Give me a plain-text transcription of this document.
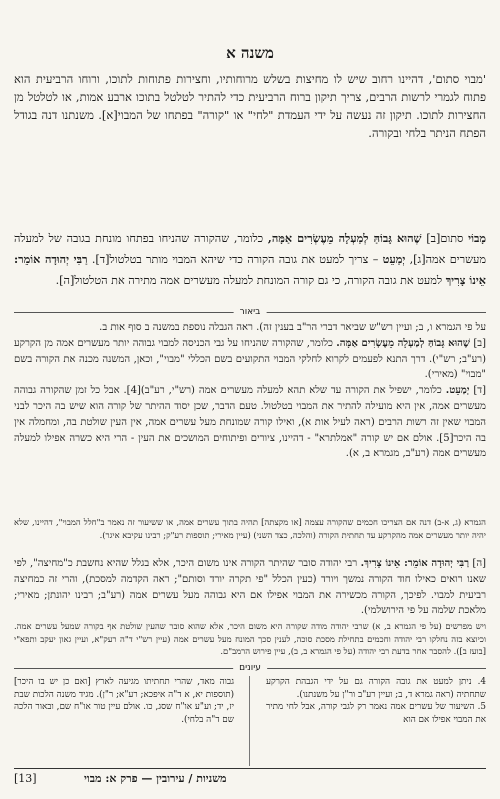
משנה א

'מבוי סתום', דהיינו רחוב שיש לו מחיצות בשלש מרוחותיו, וחצירות פתוחות לתוכו, ורוחו הרביעית הוא פתוח לגמרי לרשות הרבים, צריך תיקון ברוח הרביעית כדי להתיר לטלטל בתוכו ארבע אמות, או לטלטל מן החצירות לתוכו. תיקון זה נעשה על ידי העמדת "לחי" או "קורה" בפתחו של המבוי[א]. משנתנו דנה בגודל הפתח הניתר בלחי ובקורה.

מָבוֹי סתום[ב] שֶׁהוּא גָּבוֹהַּ לְמַעְלָה מֵעֶשְׂרִים אַמָּה, כלומר, שהקורה שהניחו בפתחו מונחת בגובה של למעלה מעשרים אמה[ג], יְמַעֵט – צריך למעט את גובה הקורה כדי שיהא המבוי מותר בטלטול[ד]. רַבִּי יְהוּדָה אוֹמֵר: אֵינוֹ צָרִיךְ למעט את גובה הקורה, כי גם קורה המונחת למעלה מעשרים אמה מתירה את הטלטול[ה].

ביאור

על פי הגמרא ו, ב; ועיין רש"ש שביאר דברי הר"ב בענין זה). ראה הגבלה נוספת במשנה ב סוף אות ב.

[ב] שֶׁהוּא גָּבוֹהַּ לְמַעְלָה מֵעֶשְׂרִים אַמָּה. כלומר, שהקורה שהניחו על גבי הכניסה למבוי גבוהה יותר מעשרים אמה מן הקרקע (רע"ב; רש"י). דרך התנא לפעמים לקרוא לחלקי המבוי התקועים בשם הכללי "מבוי", וכאן, המשנה מכנה את הקורה בשם "מבוי" (מאירי).

[ד] יְמַעֵט. כלומר, ישפיל את הקורה עד שלא תהא למעלה מעשרים אמה (רש"י, רע"ב)[4]. אבל כל זמן שהקורה גבוהה מעשרים אמה, אין היא מועילה להתיר את המבוי בטלטול. טעם הדבר, שכן יסוד ההיתר של קורה הוא שיש בה היכר לבני המבוי שאין זה רשות הרבים (ראה לעיל אות א), ואילו קורה שמונחת מעל עשרים אמה, אין העין שולטת בה, ומחמלה אין בה היכר[5]. אולם אם יש קורה "אמלתרא" - דהיינו, ציורים ופיתוחים המושכים את העין - הרי היא כשרה אפילו למעלה מעשרים אמה (רע"ב, מגמרא ב, א).

הגמרא (ג, א-ב) דנה אם הצריכו חכמים שהקורה עצמה [או מקצתה] תהיה בתוך עשרים אמה, או ששיעור זה נאמר ב"חלל המבוי", דהיינו, שלא יהיה יותר מעשרים אמה מהקרקע עד תחתית הקורה (והלכה, כצד השני) (עיין מאירי; תוספות רע"ק; רבינו עקיבא איגר).

[ה] רַבִּי יְהוּדָה אוֹמֵר: אֵינוֹ צָרִיךְ. רבי יהודה סובר שהיתר הקורה אינו משום היכר, אלא בגלל שהיא נחשבת כ"מחיצה", לפי שאנו רואים כאילו חוד הקורה נמשך ויורד (כעין הכלל "פי תקרה יורד וסותם"; ראה הקדמה למסכת), והרי זה כמחיצה רביעית למבוי. לפיכך, הקורה מכשירה את המבוי אפילו אם היא גבוהה מעל עשרים אמה (רע"ב; רבינו יהונתן; מאירי; מלאכת שלמה על פי הירושלמי).

ויש מפרשים (על פי הגמרא ב, א) שרבי יהודה מודה שקורה היא משום היכר, אלא שהוא סובר שהעין שולטת אף בקורה שמעל עשרים אמה. וכיוצא בזה נחלקו רבי יהודה וחכמים בתחילת מסכת סוכה, לענין סכך המונח מעל עשרים אמה (עיין רש"י ד"ה רעק"א, ועיין גאון יעקב ותפא"י [בועז ב]). להסבר אחר בדעת רבי יהודה (על פי הגמרא ב, ב), עיין פירוש הרמב"ם.

עיונים

4. ניתן למעט את גובה הקורה גם על ידי הגבהת הקרקע שתחתיה (ראה גמרא ד, ב; ועיין רע"ב ור"ן על משנתנו).
5. השיעור של עשרים אמה נאמר רק לגבי קורה, אבל לחי מתיר את המבוי אפילו אם הוא

גבוה מאד, שהרי תחתיתו מגיעה לארץ [ואם כן יש בו היכר] (תוספות יא, א ד"ה איפכא; רע"א; ר"ן). מגיד משנה הלכות שבת יז, יד; וע"ע או"ח שסג, כו. אולם עיין טור או"ח שם, ובאור הלכה שם ד"ה בלחי).

משניות / עירובין — פרק א: מבוי
[13]
